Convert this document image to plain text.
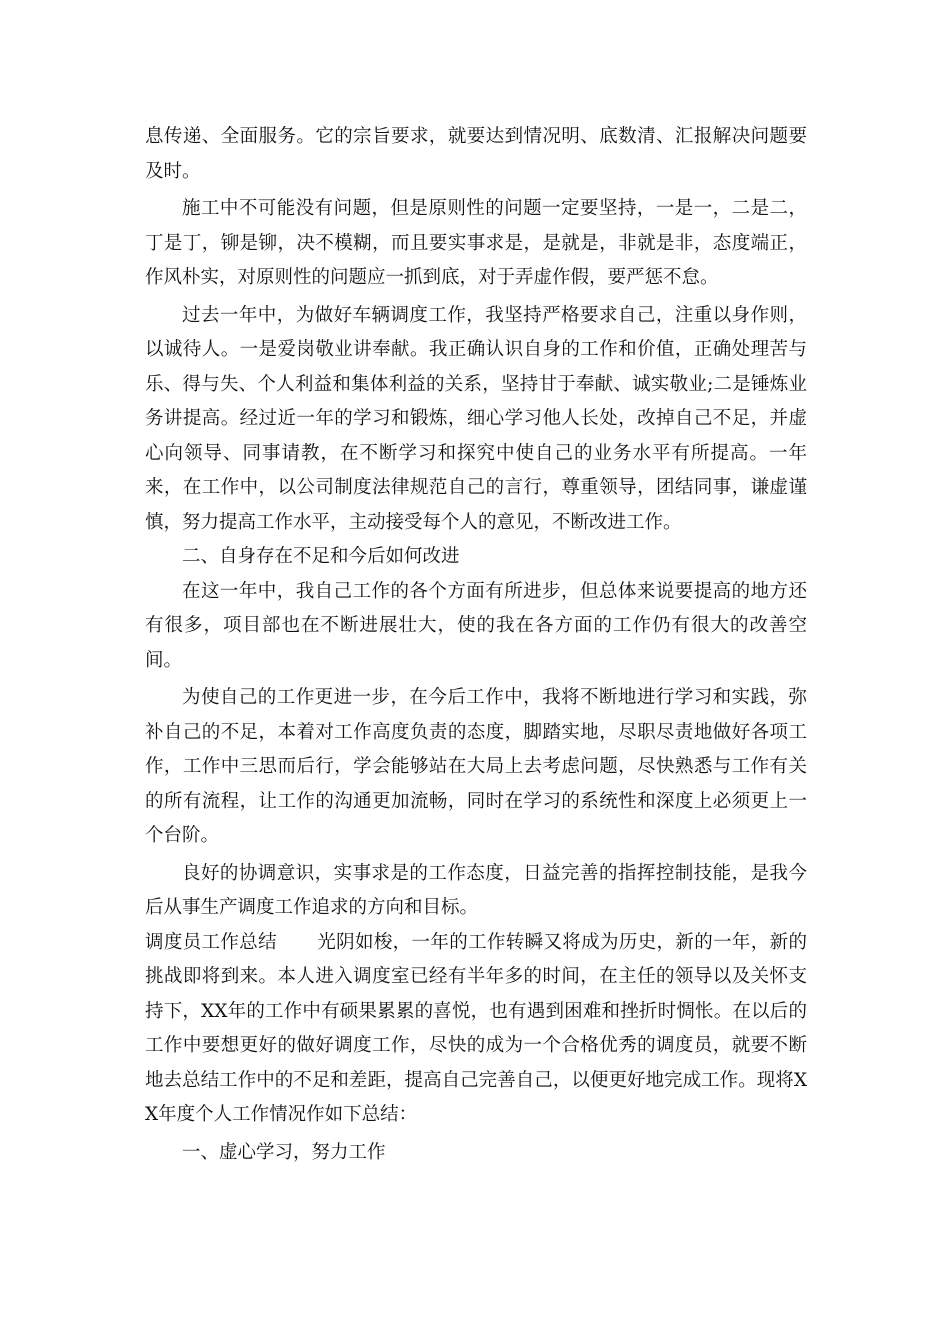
息传递、全面服务。它的宗旨要求，就要达到情况明、底数清、汇报解决问题要及时。

施工中不可能没有问题，但是原则性的问题一定要坚持，一是一，二是二，丁是丁，铆是铆，决不模糊，而且要实事求是，是就是，非就是非，态度端正，作风朴实，对原则性的问题应一抓到底，对于弄虚作假，要严惩不怠。

过去一年中，为做好车辆调度工作，我坚持严格要求自己，注重以身作则，以诚待人。一是爱岗敬业讲奉献。我正确认识自身的工作和价值，正确处理苦与乐、得与失、个人利益和集体利益的关系，坚持甘于奉献、诚实敬业;二是锤炼业务讲提高。经过近一年的学习和锻炼，细心学习他人长处，改掉自己不足，并虚心向领导、同事请教，在不断学习和探究中使自己的业务水平有所提高。一年来，在工作中，以公司制度法律规范自己的言行，尊重领导，团结同事，谦虚谨慎，努力提高工作水平，主动接受每个人的意见，不断改进工作。

二、自身存在不足和今后如何改进

在这一年中，我自己工作的各个方面有所进步，但总体来说要提高的地方还有很多，项目部也在不断进展壮大，使的我在各方面的工作仍有很大的改善空间。

为使自己的工作更进一步，在今后工作中，我将不断地进行学习和实践，弥补自己的不足，本着对工作高度负责的态度，脚踏实地，尽职尽责地做好各项工作，工作中三思而后行，学会能够站在大局上去考虑问题，尽快熟悉与工作有关的所有流程，让工作的沟通更加流畅，同时在学习的系统性和深度上必须更上一个台阶。

良好的协调意识，实事求是的工作态度，日益完善的指挥控制技能，是我今后从事生产调度工作追求的方向和目标。

调度员工作总结 光阴如梭，一年的工作转瞬又将成为历史，新的一年，新的挑战即将到来。本人进入调度室已经有半年多的时间，在主任的领导以及关怀支持下，XX年的工作中有硕果累累的喜悦，也有遇到困难和挫折时惆怅。在以后的工作中要想更好的做好调度工作，尽快的成为一个合格优秀的调度员，就要不断地去总结工作中的不足和差距，提高自己完善自己，以便更好地完成工作。现将XX年度个人工作情况作如下总结：

一、虚心学习，努力工作
